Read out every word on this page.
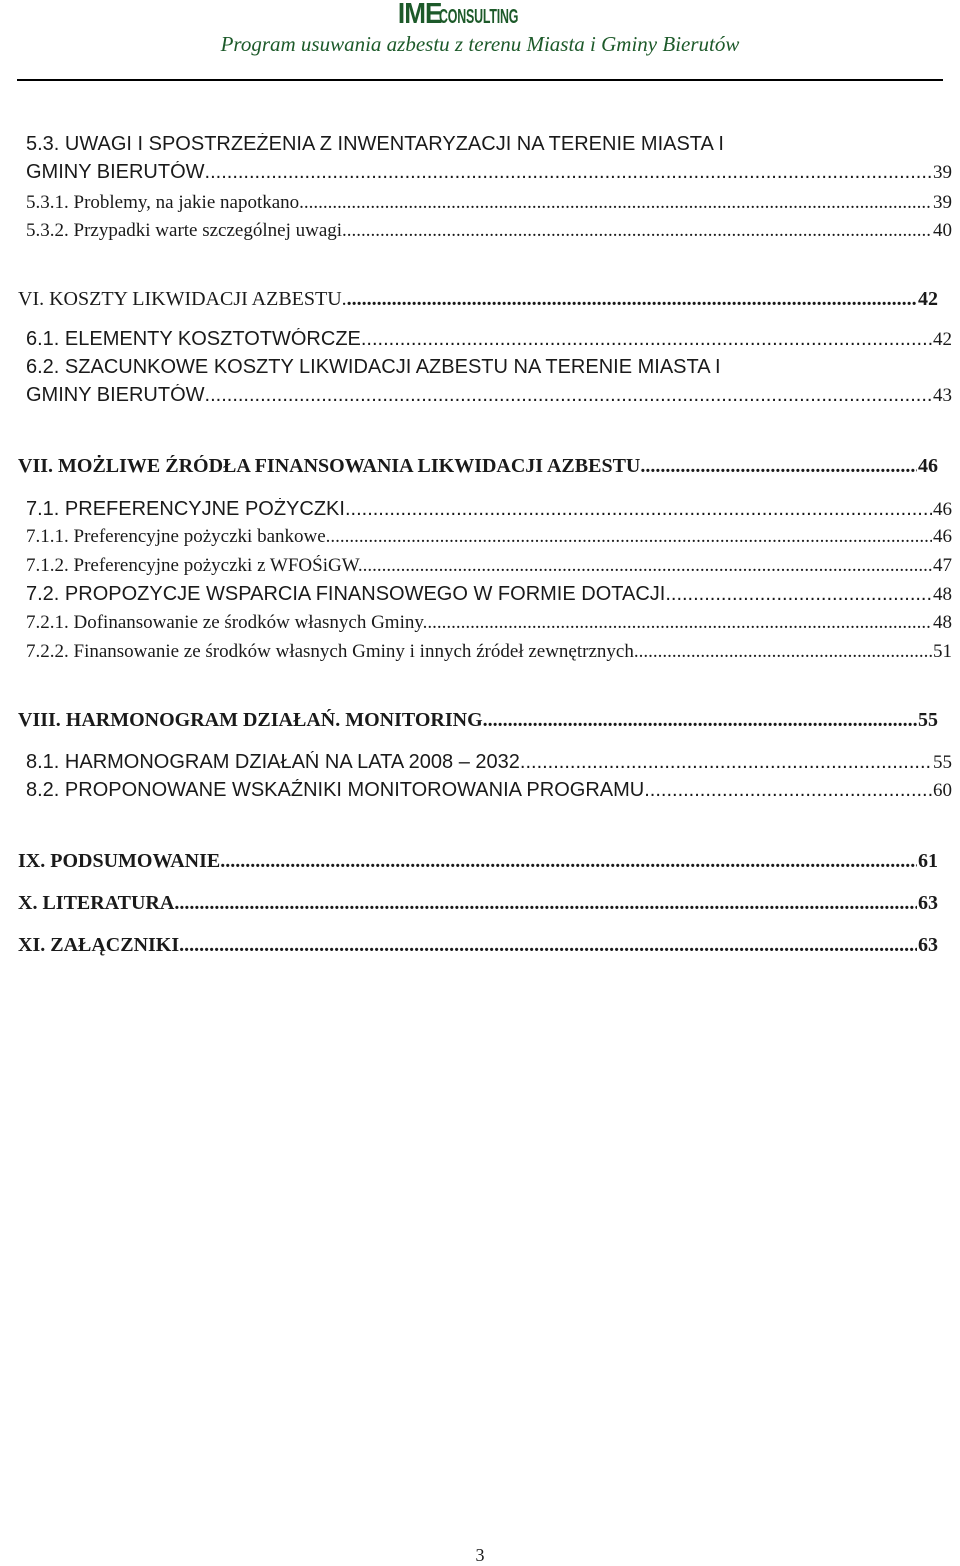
IMECONSULTING
Program usuwania azbestu z terenu Miasta i Gminy Bierutów
5.3. UWAGI I SPOSTRZEŻENIA Z INWENTARYZACJI NA TERENIE MIASTA I
GMINY BIERUTÓW .....	39
5.3.1. Problemy, na jakie napotkano. .....	39
5.3.2. Przypadki warte szczególnej uwagi. .....	40
VI. KOSZTY LIKWIDACJI AZBESTU. .....	42
6.1. ELEMENTY KOSZTOTWÓRCZE .....	42
6.2. SZACUNKOWE KOSZTY LIKWIDACJI AZBESTU NA TERENIE MIASTA I
GMINY BIERUTÓW .....	43
VII. MOŻLIWE ŹRÓDŁA FINANSOWANIA LIKWIDACJI AZBESTU. .....	46
7.1. PREFERENCYJNE POŻYCZKI .....	46
7.1.1. Preferencyjne pożyczki bankowe. .....	46
7.1.2. Preferencyjne pożyczki z WFOŚiGW. .....	47
7.2. PROPOZYCJE WSPARCIA FINANSOWEGO W FORMIE DOTACJI .....	48
7.2.1. Dofinansowanie ze środków własnych Gminy. .....	48
7.2.2. Finansowanie ze środków własnych Gminy i innych źródeł zewnętrznych. .....	51
VIII. HARMONOGRAM DZIAŁAŃ. MONITORING. .....	55
8.1. HARMONOGRAM DZIAŁAŃ NA LATA 2008 – 2032. .....	55
8.2. PROPONOWANE WSKAŹNIKI MONITOROWANIA PROGRAMU. .....	60
IX. PODSUMOWANIE. .....	61
X. LITERATURA. .....	63
XI. ZAŁĄCZNIKI. .....	63
3
